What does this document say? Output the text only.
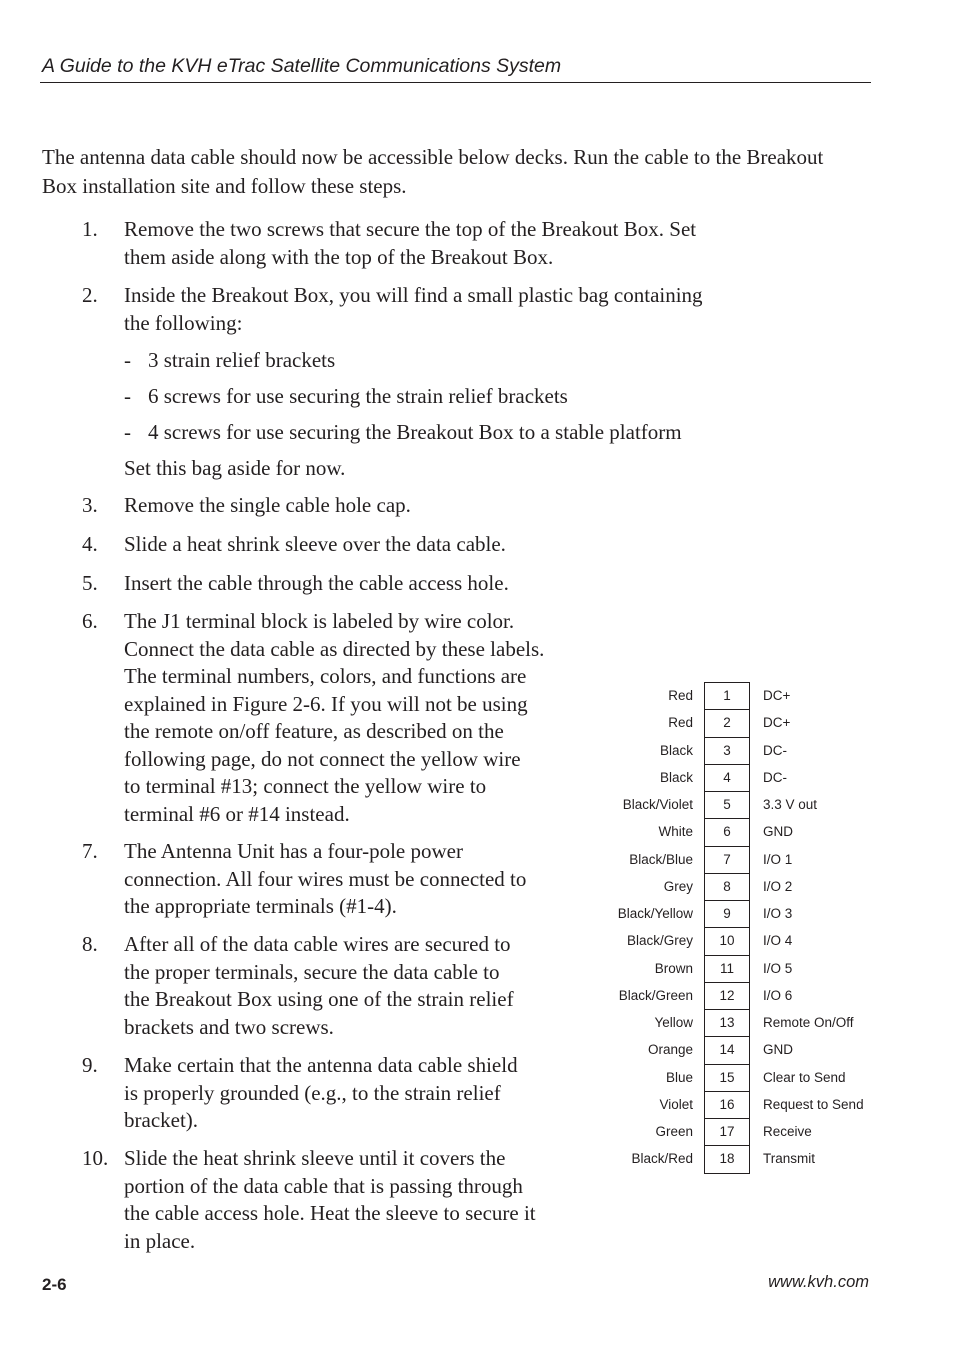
A Guide to the KVH eTrac Satellite Communications System

The antenna data cable should now be accessible below decks. Run the cable to the Breakout Box installation site and follow these steps.

1. Remove the two screws that secure the top of the Breakout Box. Set
them aside along with the top of the Breakout Box.
2. Inside the Breakout Box, you will find a small plastic bag containing
the following:
3. Remove the single cable hole cap.
4. Slide a heat shrink sleeve over the data cable.
5. Insert the cable through the cable access hole.
6. The J1 terminal block is labeled by wire color.
Connect the data cable as directed by these labels.
The terminal numbers, colors, and functions are
explained in Figure 2-6. If you will not be using
the remote on/off feature, as described on the
following page, do not connect the yellow wire
to terminal #13; connect the yellow wire to
terminal #6 or #14 instead.
7. The Antenna Unit has a four-pole power
connection. All four wires must be connected to
the appropriate terminals (#1-4).
8. After all of the data cable wires are secured to
the proper terminals, secure the data cable to
the Breakout Box using one of the strain relief
brackets and two screws.
9. Make certain that the antenna data cable shield
is properly grounded (e.g., to the strain relief
bracket).
10. Slide the heat shrink sleeve until it covers the
portion of the data cable that is passing through
the cable access hole. Heat the sleeve to secure it
in place.
- 3 strain relief brackets
- 6 screws for use securing the strain relief brackets
- 4 screws for use securing the Breakout Box to a stable platform
Set this bag aside for now.
Red	1	DC+
Red	2	DC+
Black	3	DC-
Black	4	DC-
Black/Violet	5	3.3 V out
White	6	GND
Black/Blue	7	I/O 1
Grey	8	I/O 2
Black/Yellow	9	I/O 3
Black/Grey	10	I/O 4
Brown	11	I/O 5
Black/Green	12	I/O 6
Yellow	13	Remote On/Off
Orange	14	GND
Blue	15	Clear to Send
Violet	16	Request to Send
Green	17	Receive
Black/Red	18	Transmit
2-6	www.kvh.com
